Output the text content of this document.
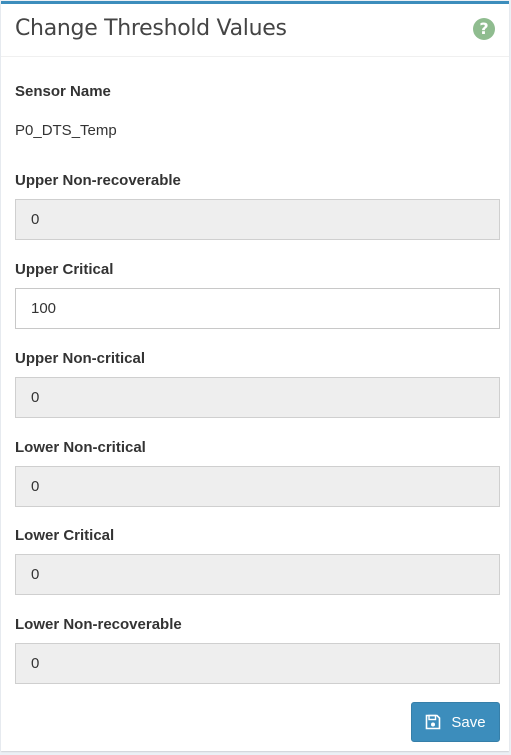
Change Threshold Values	?
Sensor Name
P0_DTS_Temp
Upper Non-recoverable
0
Upper Critical
100
Upper Non-critical
0
Lower Non-critical
0
Lower Critical
0
Lower Non-recoverable
0
Save
